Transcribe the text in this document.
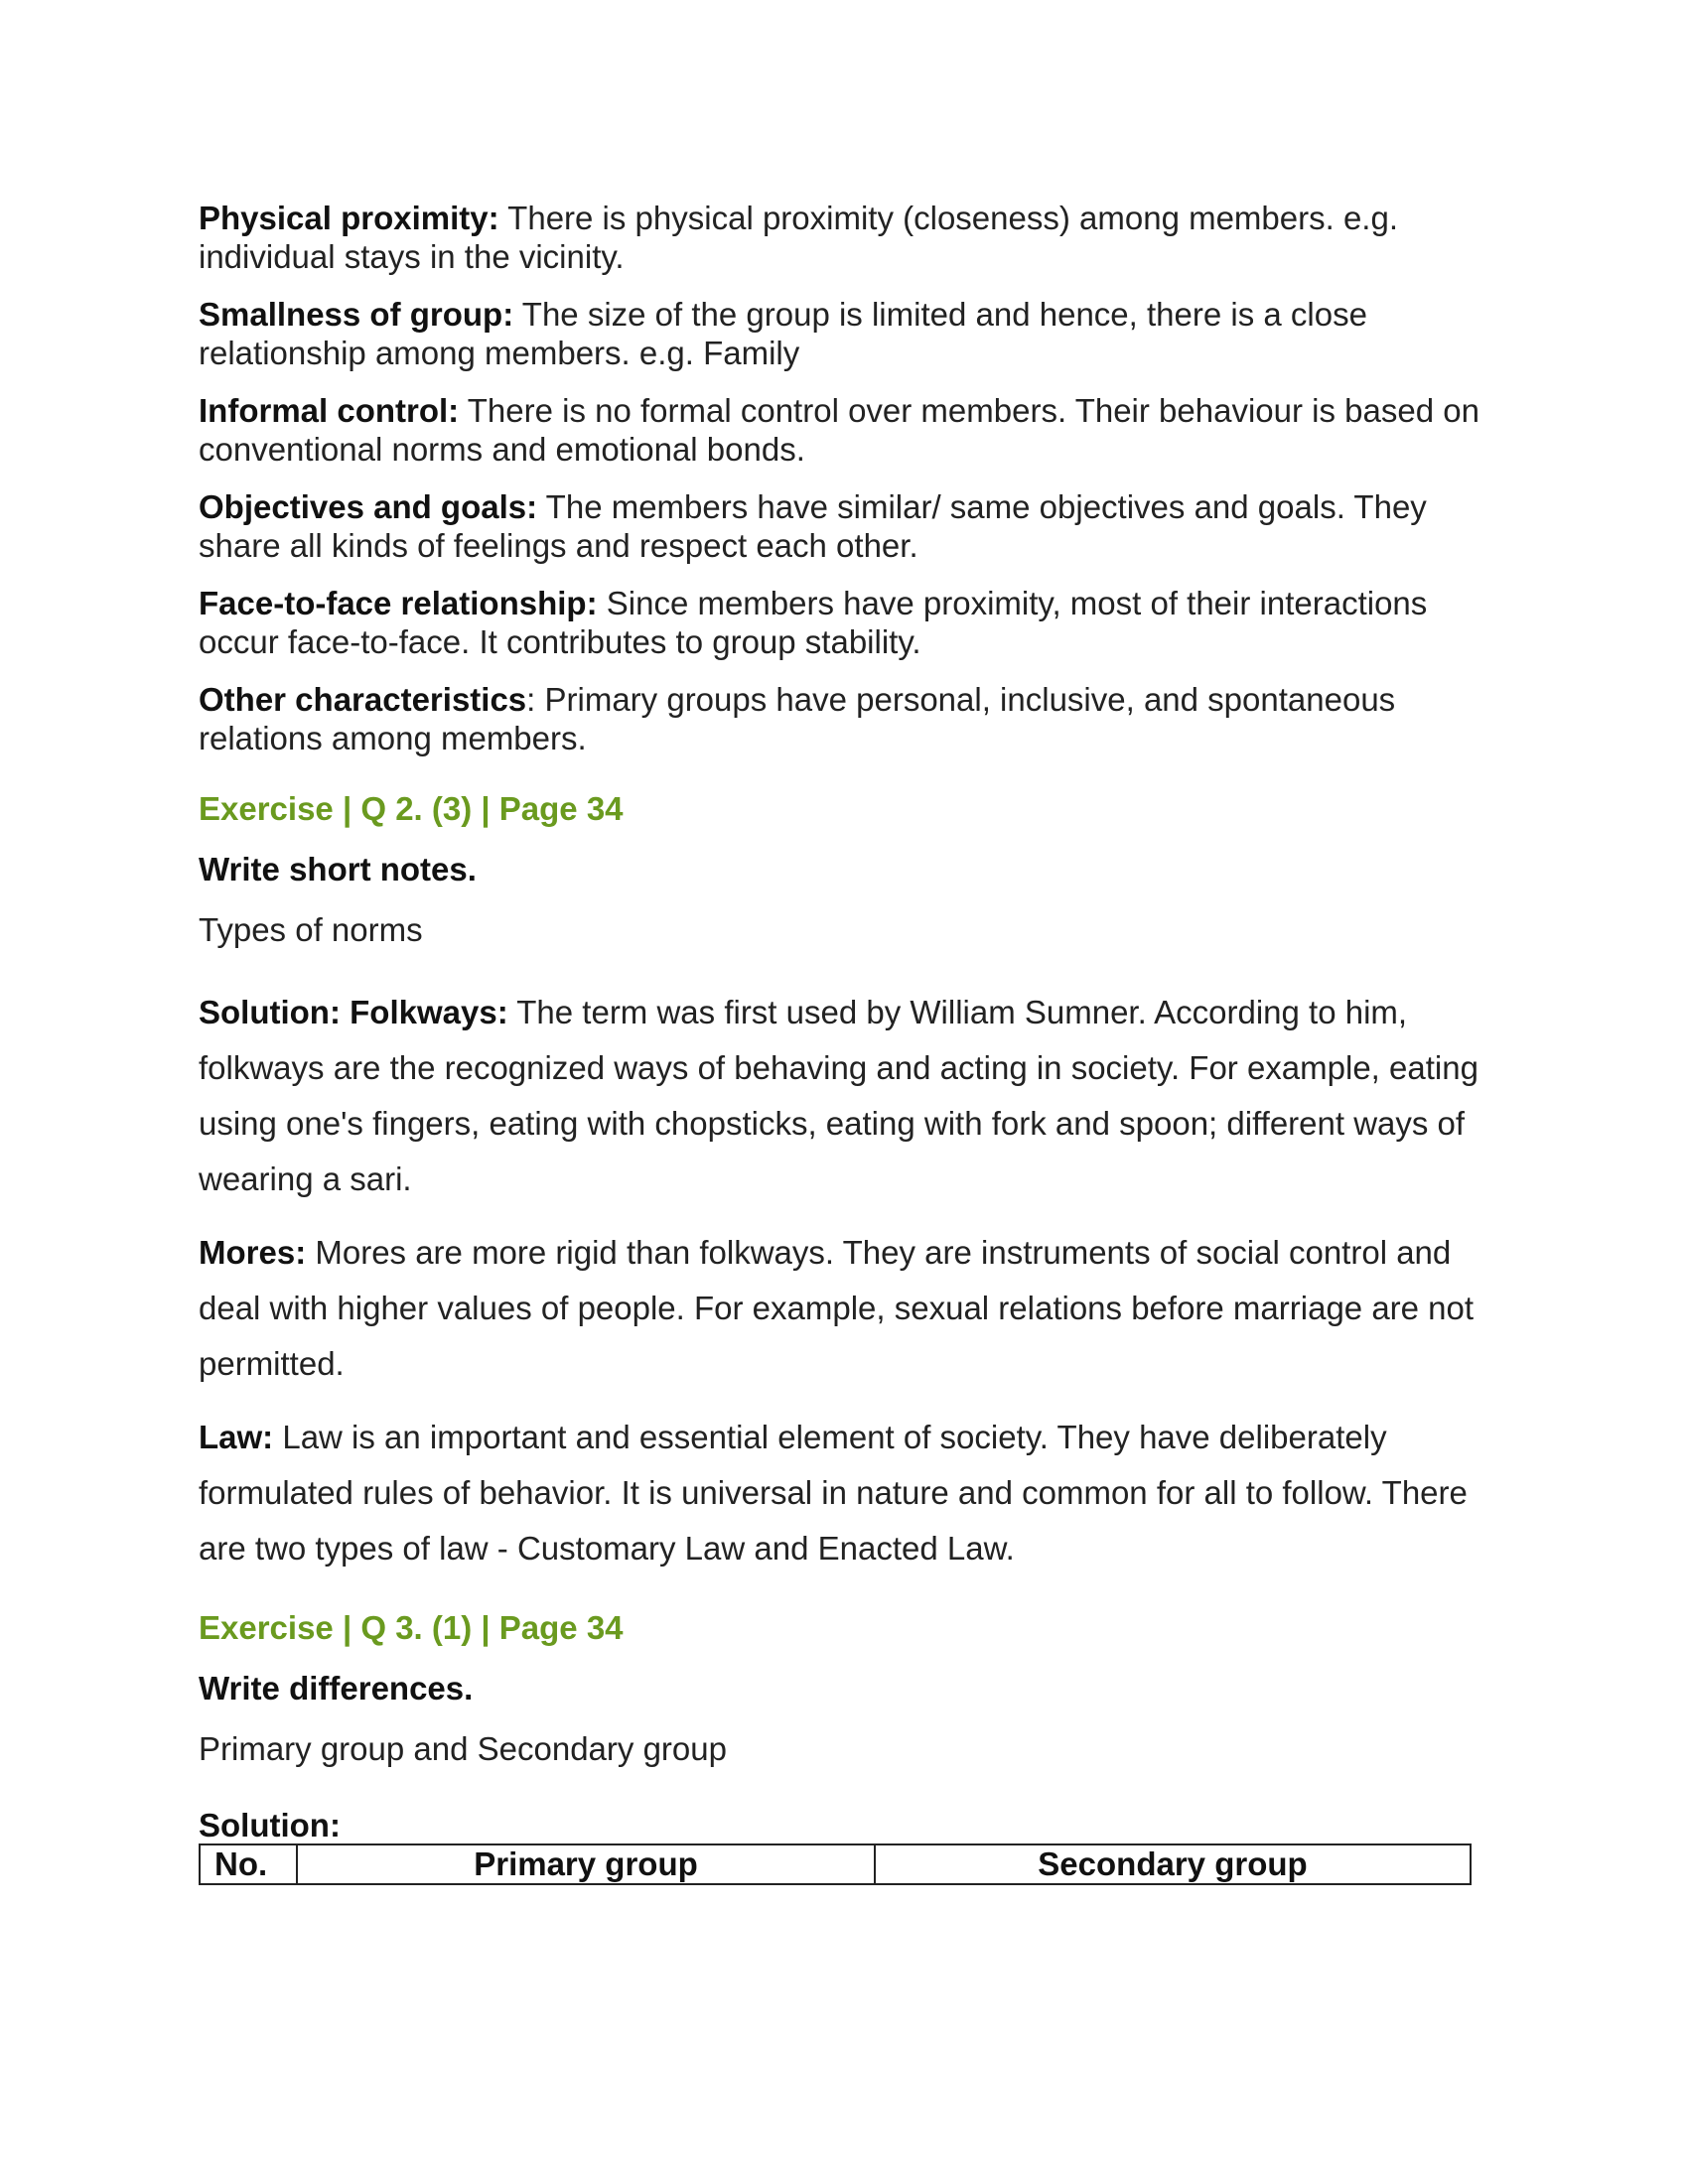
Physical proximity: There is physical proximity (closeness) among members. e.g. individual stays in the vicinity.

Smallness of group: The size of the group is limited and hence, there is a close relationship among members. e.g. Family

Informal control: There is no formal control over members. Their behaviour is based on conventional norms and emotional bonds.

Objectives and goals: The members have similar/ same objectives and goals. They share all kinds of feelings and respect each other.

Face-to-face relationship: Since members have proximity, most of their interactions occur face-to-face. It contributes to group stability.

Other characteristics: Primary groups have personal, inclusive, and spontaneous relations among members.

Exercise | Q 2. (3) | Page 34
Write short notes.
Types of norms

Solution: Folkways: The term was first used by William Sumner. According to him, folkways are the recognized ways of behaving and acting in society. For example, eating using one's fingers, eating with chopsticks, eating with fork and spoon; different ways of wearing a sari.

Mores: Mores are more rigid than folkways. They are instruments of social control and deal with higher values of people. For example, sexual relations before marriage are not permitted.

Law: Law is an important and essential element of society. They have deliberately formulated rules of behavior. It is universal in nature and common for all to follow. There are two types of law - Customary Law and Enacted Law.

Exercise | Q 3. (1) | Page 34
Write differences.
Primary group and Secondary group
Solution:
No.	Primary group	Secondary group
